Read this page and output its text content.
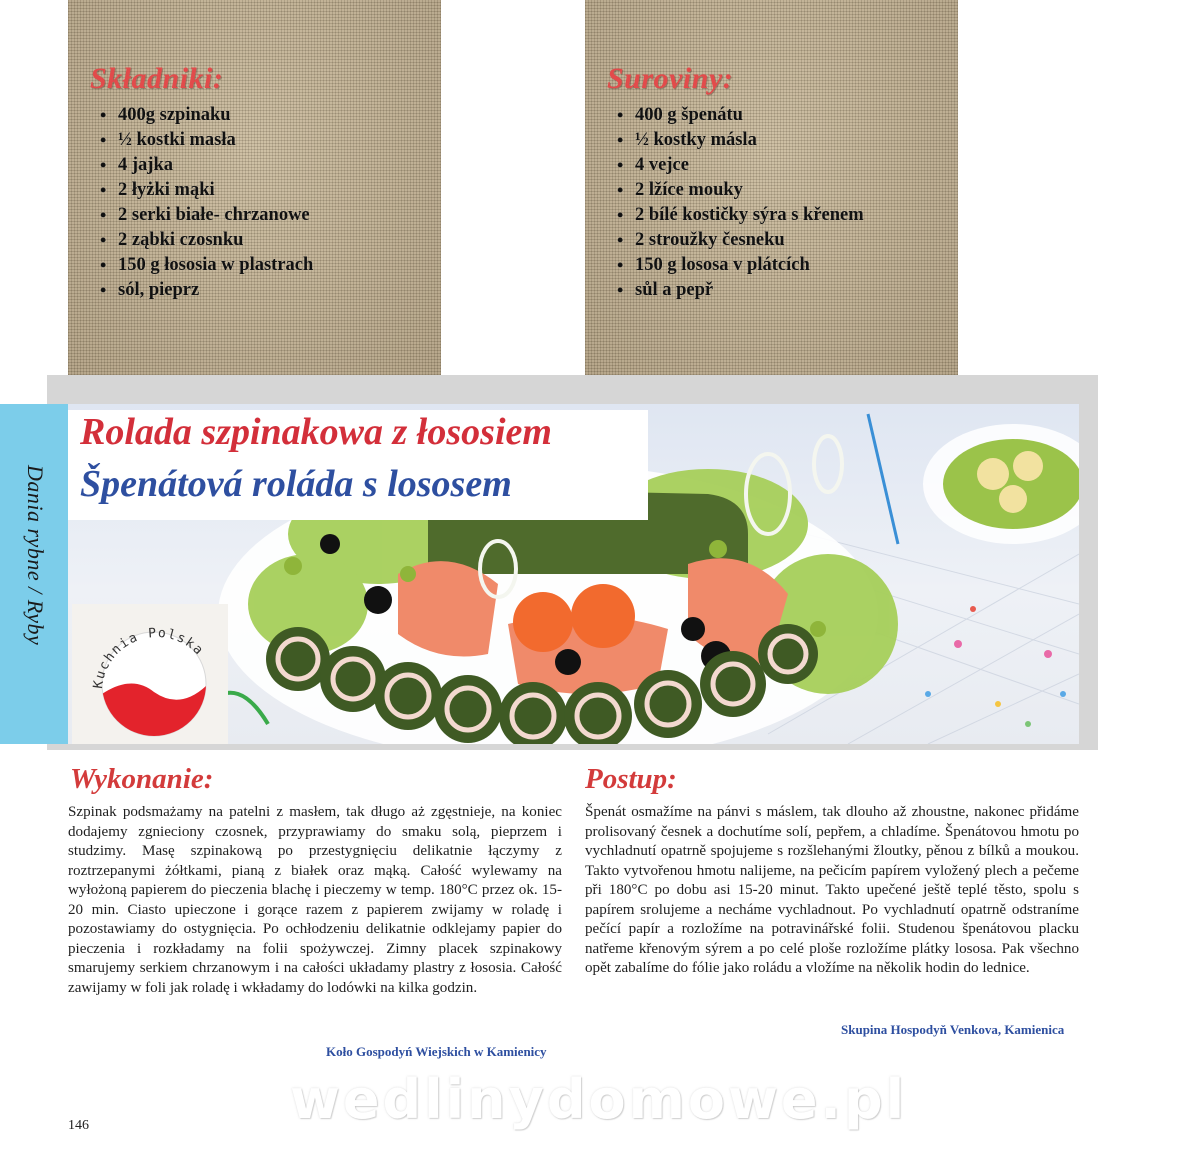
Składniki:
• 400g szpinaku
• ½ kostki masła
• 4 jajka
• 2 łyżki mąki
• 2 serki białe- chrzanowe
• 2 ząbki czosnku
• 150 g łososia w plastrach
• sól, pieprz
Suroviny:
• 400 g špenátu
• ½ kostky másla
• 4 vejce
• 2 lžíce mouky
• 2 bílé kostičky sýra s křenem
• 2 stroužky česneku
• 150 g lososa v plátcích
• sůl a pepř
Dania rybne / Ryby
Kuchnia Polska
Rolada szpinakowa z łososiem
Špenátová roláda s lososem
Wykonanie:

Szpinak podsmażamy na patelni z masłem, tak długo aż zgęstnieje, na koniec dodajemy zgnieciony czosnek, przyprawiamy do smaku solą, pieprzem i studzimy. Masę szpinakową po przestygnięciu delikatnie łączymy z roztrzepanymi żółtkami, pianą z białek oraz mąką. Całość wylewamy na wyłożoną papierem do pieczenia blachę i pieczemy w temp. 180°C przez ok. 15-20 min. Ciasto upieczone i gorące razem z papierem zwijamy w roladę i pozostawiamy do ostygnięcia. Po ochłodzeniu delikatnie odklejamy papier do pieczenia i rozkładamy na folii spożywczej. Zimny placek szpinakowy smarujemy serkiem chrzanowym i na całości układamy plastry z łososia. Całość zawijamy w foli jak roladę i wkładamy do lodówki na kilka godzin.

Koło Gospodyń Wiejskich w Kamienicy

Postup:

Špenát osmažíme na pánvi s máslem, tak dlouho až zhoustne, nakonec přidáme prolisovaný česnek a dochutíme solí, pepřem, a chladíme. Špenátovou hmotu po vychladnutí opatrně spojujeme s rozšlehanými žloutky, pěnou z bílků a moukou. Takto vytvořenou hmotu nalijeme, na pečicím papírem vyložený plech a pečeme při 180°C po dobu asi 15-20 minut. Takto upečené ještě teplé těsto, spolu s papírem srolujeme a necháme vychladnout. Po vychladnutí opatrně odstraníme pečící papír a rozložíme na potravinářské folii. Studenou špenátovou placku natřeme křenovým sýrem a po celé ploše rozložíme plátky lososa. Pak všechno opět zabalíme do fólie jako roládu a vložíme na několik hodin do lednice.

Skupina Hospodyň Venkova, Kamienica

wedlinydomowe.pl
146
